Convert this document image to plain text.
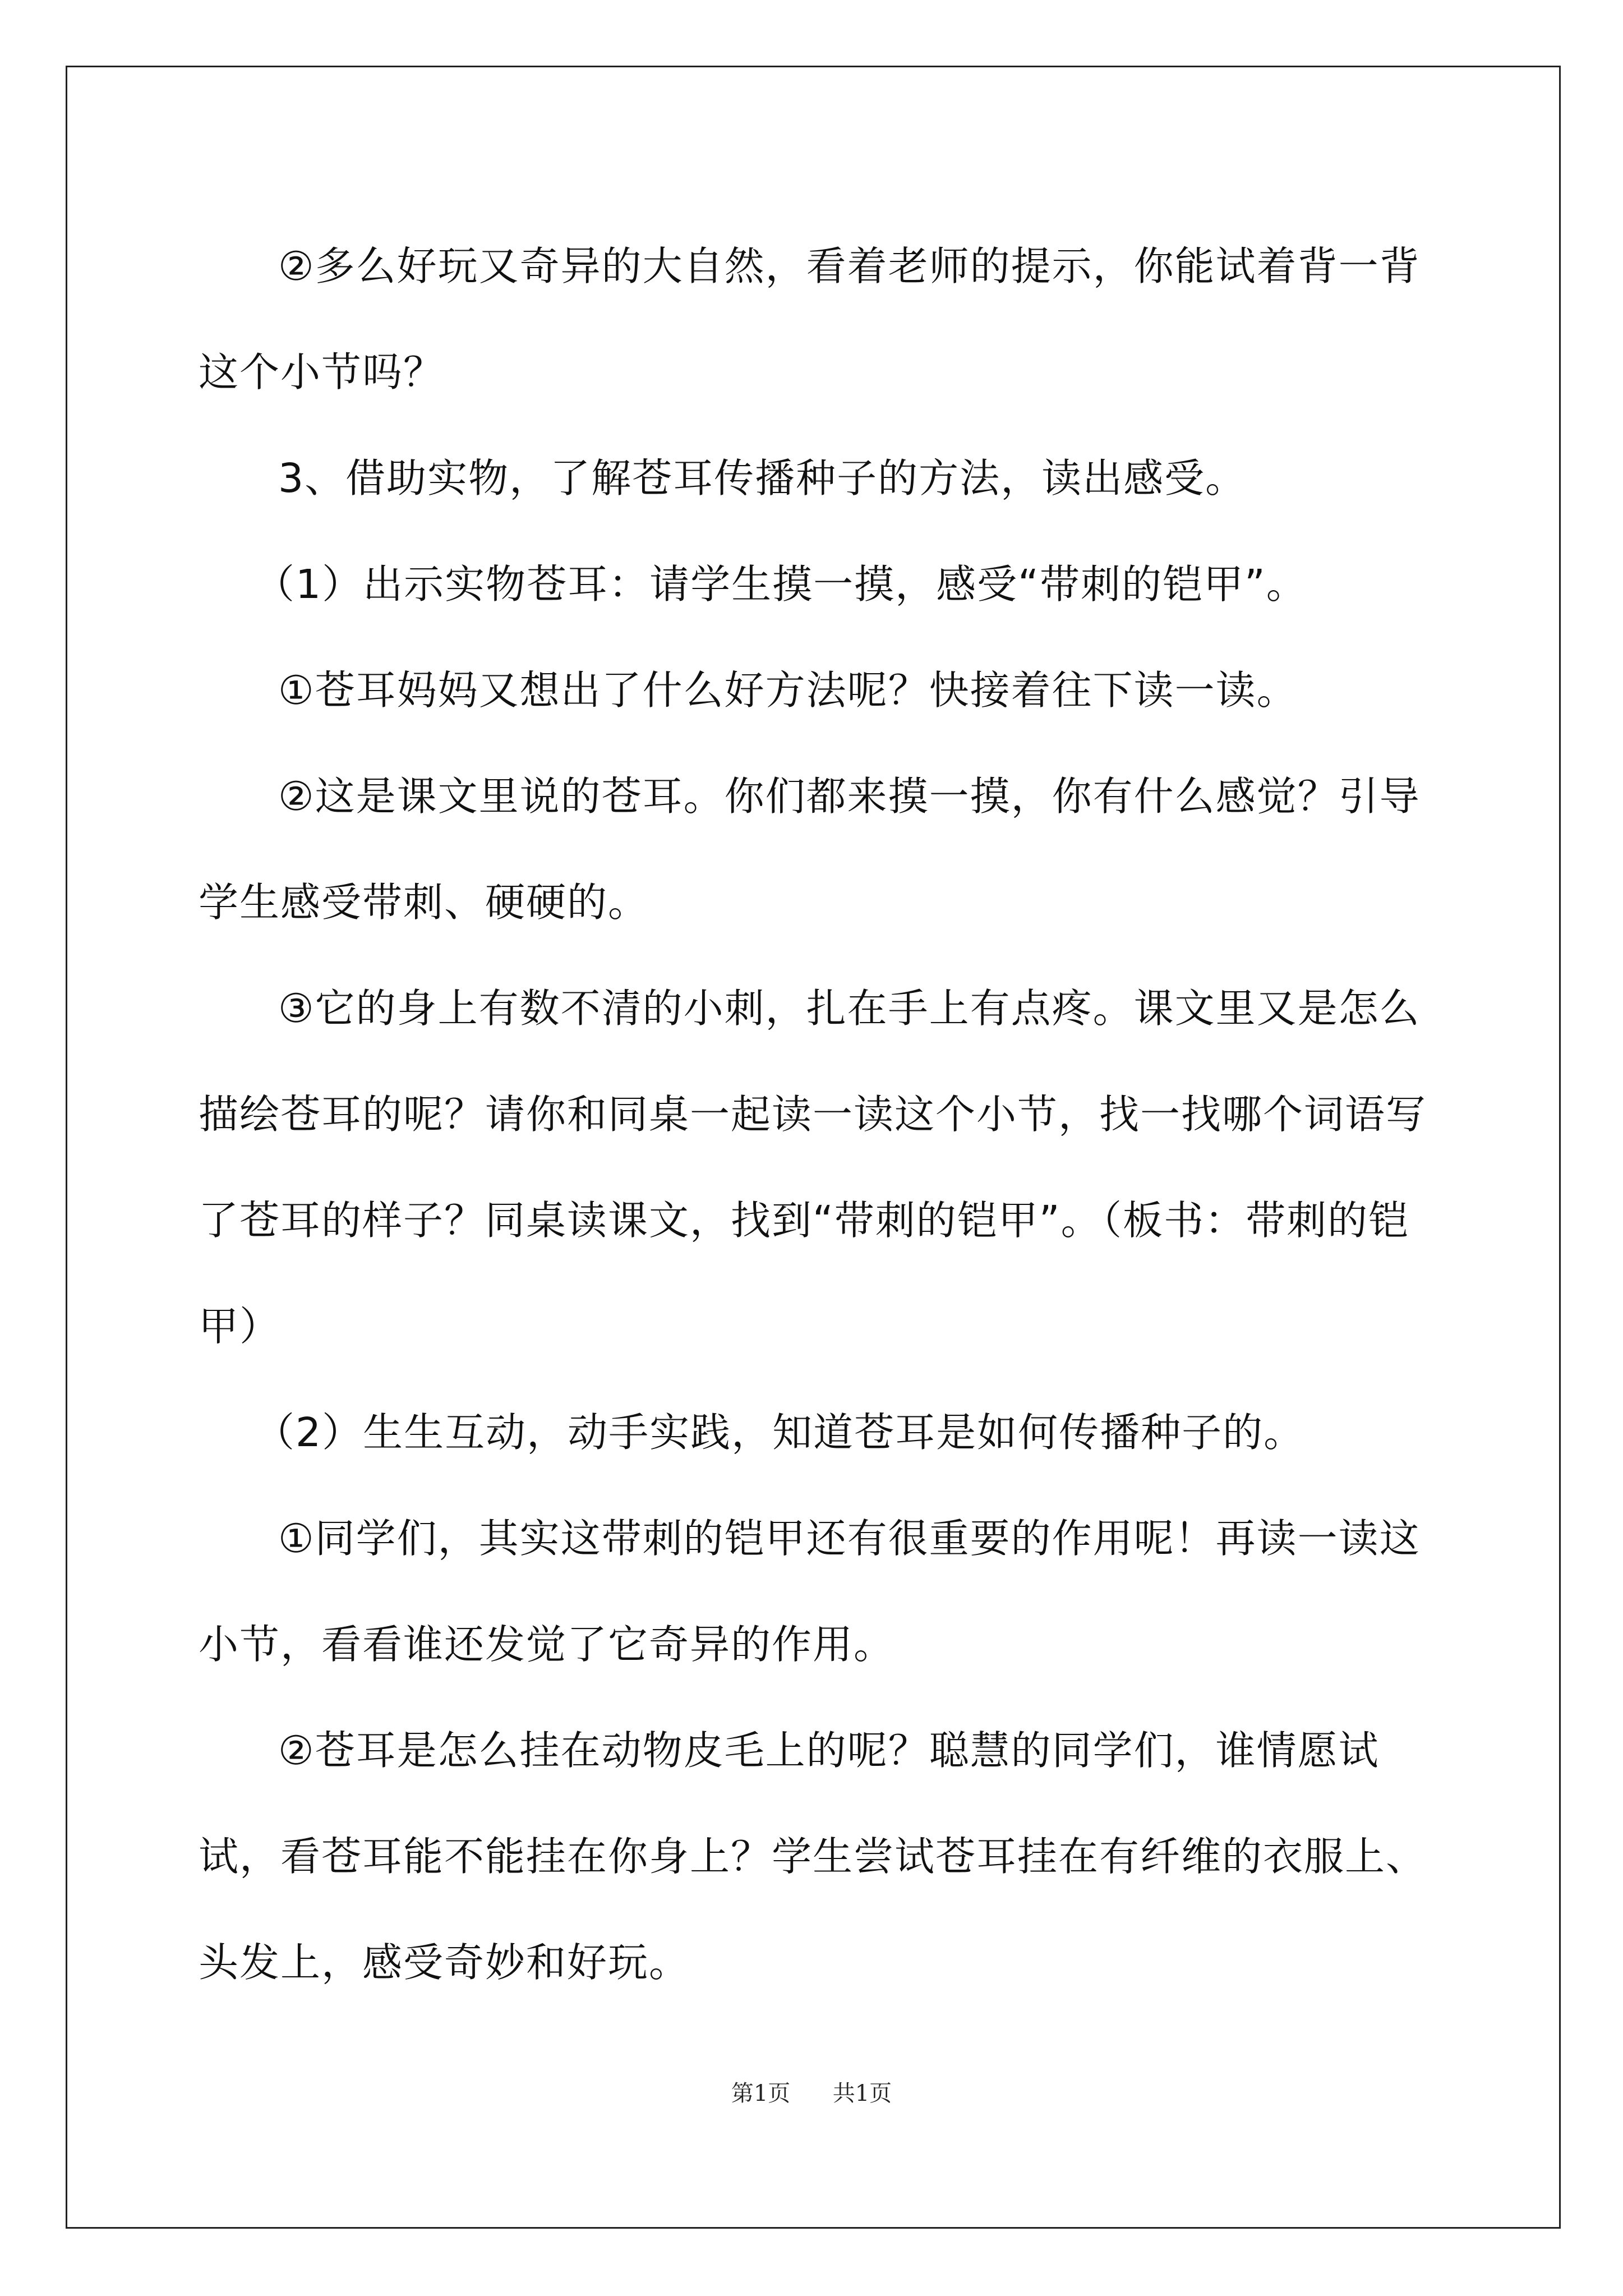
②多么好玩又奇异的大自然，看着老师的提示，你能试着背一背这个小节吗？

3、借助实物，了解苍耳传播种子的方法，读出感受。

（1）出示实物苍耳：请学生摸一摸，感受“带刺的铠甲”。

①苍耳妈妈又想出了什么好方法呢？快接着往下读一读。

②这是课文里说的苍耳。你们都来摸一摸，你有什么感觉？引导学生感受带刺、硬硬的。

③它的身上有数不清的小刺，扎在手上有点疼。课文里又是怎么描绘苍耳的呢？请你和同桌一起读一读这个小节，找一找哪个词语写了苍耳的样子？同桌读课文，找到“带刺的铠甲”。（板书：带刺的铠甲）

（2）生生互动，动手实践，知道苍耳是如何传播种子的。

①同学们，其实这带刺的铠甲还有很重要的作用呢！再读一读这小节，看看谁还发觉了它奇异的作用。

②苍耳是怎么挂在动物皮毛上的呢？聪慧的同学们，谁情愿试试，看苍耳能不能挂在你身上？学生尝试苍耳挂在有纤维的衣服上、头发上，感受奇妙和好玩。

第1页 共1页
